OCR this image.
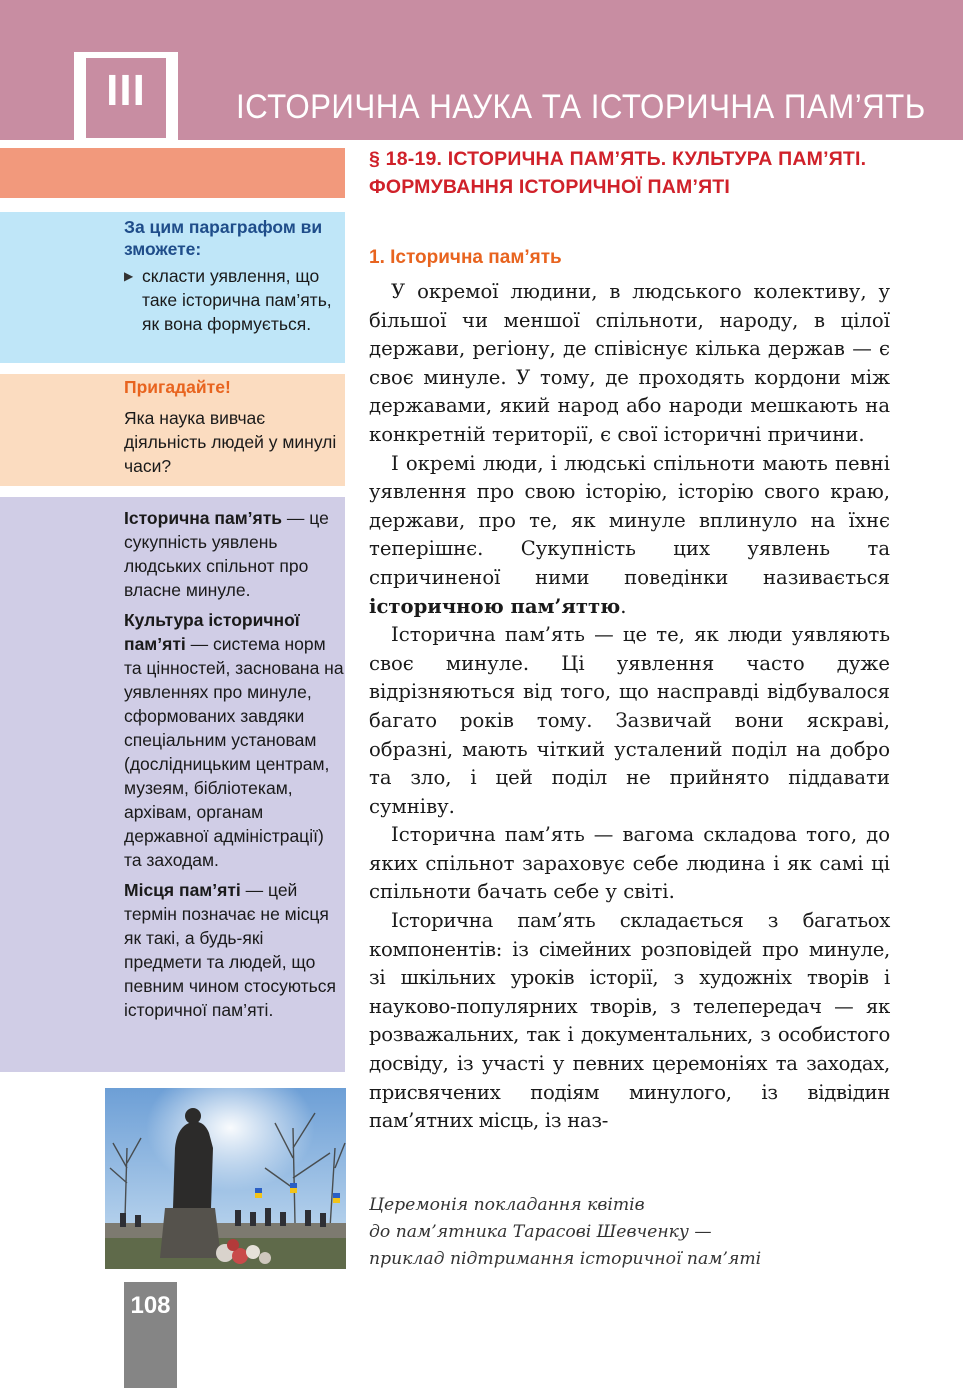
III	ІСТОРИЧНА НАУКА ТА ІСТОРИЧНА ПАМ’ЯТЬ
За цим параграфом ви зможете:
▶ скласти уявлення, що таке історична пам’ять, як вона формується.
Пригадайте!
Яка наука вивчає діяльність людей у минулі часи?
Історична пам’ять — це сукупність уявлень людських спільнот про власне минуле.
Культура історичної пам’яті — система норм та цінностей, заснована на уявленнях про минуле, сформованих завдяки спеціальним установам (дослідницьким центрам, музеям, бібліотекам, архівам, органам державної адміністрації) та заходам.
Місця пам’яті — цей термін позначає не місця як такі, а будь-які предмети та людей, що певним чином стосуються історичної пам’яті.
108
§ 18-19. ІСТОРИЧНА ПАМ’ЯТЬ. КУЛЬТУРА ПАМ’ЯТІ. ФОРМУВАННЯ ІСТОРИЧНОЇ ПАМ’ЯТІ
1. Історична пам’ять

У окремої людини, в людського колективу, у більшої чи меншої спільноти, народу, в цілої держави, регіону, де співіснує кілька держав — є своє минуле. У тому, де проходять кордони між державами, який народ або народи мешкають на конкретній території, є свої історичні причини.

І окремі люди, і людські спільноти мають певні уявлення про свою історію, історію свого краю, держави, про те, як минуле вплинуло на їхнє теперішнє. Сукупність цих уявлень та спричиненої ними поведінки називається історичною пам’яттю.

Історична пам’ять — це те, як люди уявляють своє минуле. Ці уявлення часто дуже відрізняються від того, що насправді відбувалося багато років тому. Зазвичай вони яскраві, образні, мають чіткий усталений поділ на добро та зло, і цей поділ не прийнято піддавати сумніву.

Історична пам’ять — вагома складова того, до яких спільнот зараховує себе людина і як самі ці спільноти бачать себе у світі.

Історична пам’ять складається з багатьох компонентів: із сімейних розповідей про минуле, зі шкільних уроків історії, з художніх творів і науково-популярних творів, з телепередач — як розважальних, так і документальних, з особистого досвіду, із участі у певних церемоніях та заходах, присвячених подіям минулого, із відвідин пам’ятних місць, із наз-

Церемонія покладання квітів
до пам’ятника Тарасові Шевченку —
приклад підтримання історичної пам’яті
